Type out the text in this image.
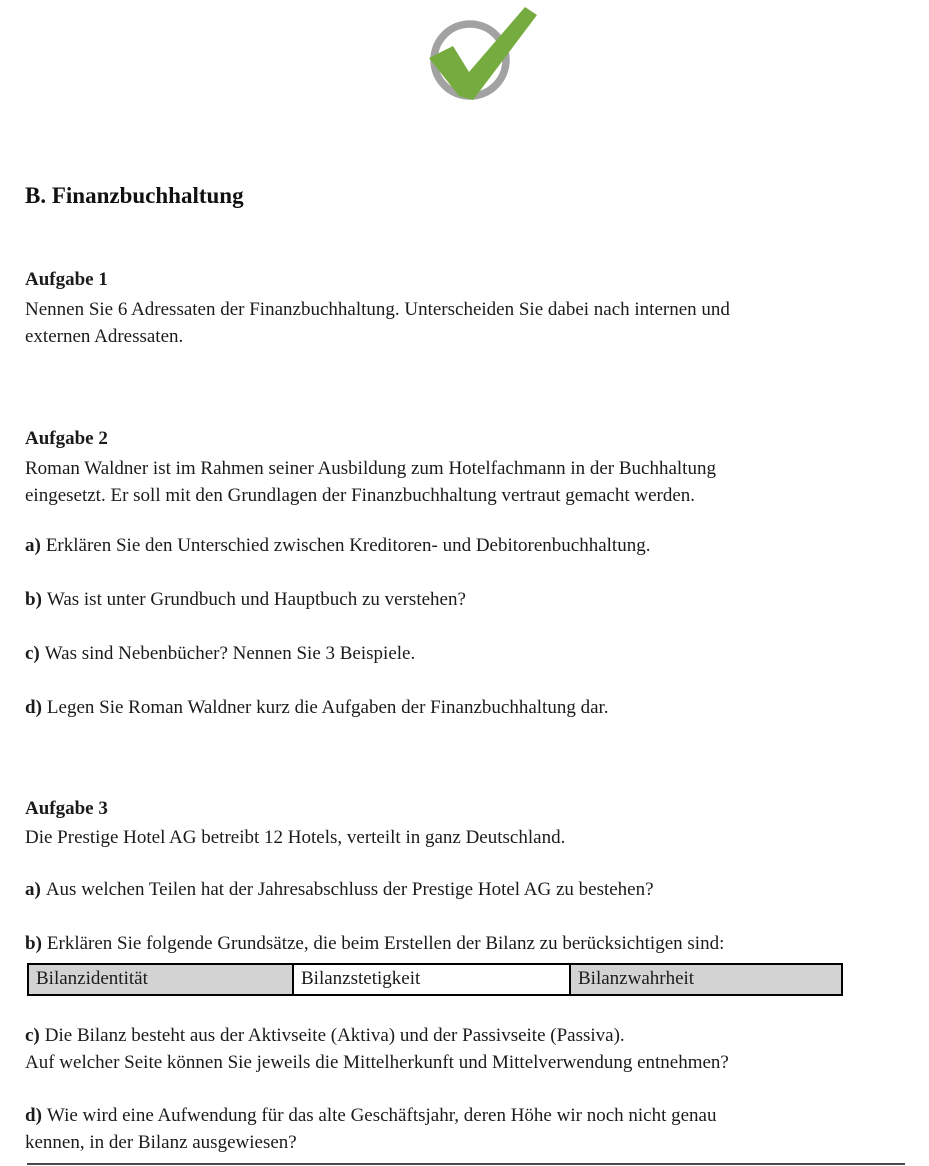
B. Finanzbuchhaltung
Aufgabe 1
Nennen Sie 6 Adressaten der Finanzbuchhaltung. Unterscheiden Sie dabei nach internen und
externen Adressaten.
Aufgabe 2
Roman Waldner ist im Rahmen seiner Ausbildung zum Hotelfachmann in der Buchhaltung
eingesetzt. Er soll mit den Grundlagen der Finanzbuchhaltung vertraut gemacht werden.
a) Erklären Sie den Unterschied zwischen Kreditoren- und Debitorenbuchhaltung.
b) Was ist unter Grundbuch und Hauptbuch zu verstehen?
c) Was sind Nebenbücher? Nennen Sie 3 Beispiele.
d) Legen Sie Roman Waldner kurz die Aufgaben der Finanzbuchhaltung dar.
Aufgabe 3
Die Prestige Hotel AG betreibt 12 Hotels, verteilt in ganz Deutschland.
a) Aus welchen Teilen hat der Jahresabschluss der Prestige Hotel AG zu bestehen?
b) Erklären Sie folgende Grundsätze, die beim Erstellen der Bilanz zu berücksichtigen sind:
Bilanzidentität	Bilanzstetigkeit	Bilanzwahrheit
c) Die Bilanz besteht aus der Aktivseite (Aktiva) und der Passivseite (Passiva).
Auf welcher Seite können Sie jeweils die Mittelherkunft und Mittelverwendung entnehmen?
d) Wie wird eine Aufwendung für das alte Geschäftsjahr, deren Höhe wir noch nicht genau
kennen, in der Bilanz ausgewiesen?
